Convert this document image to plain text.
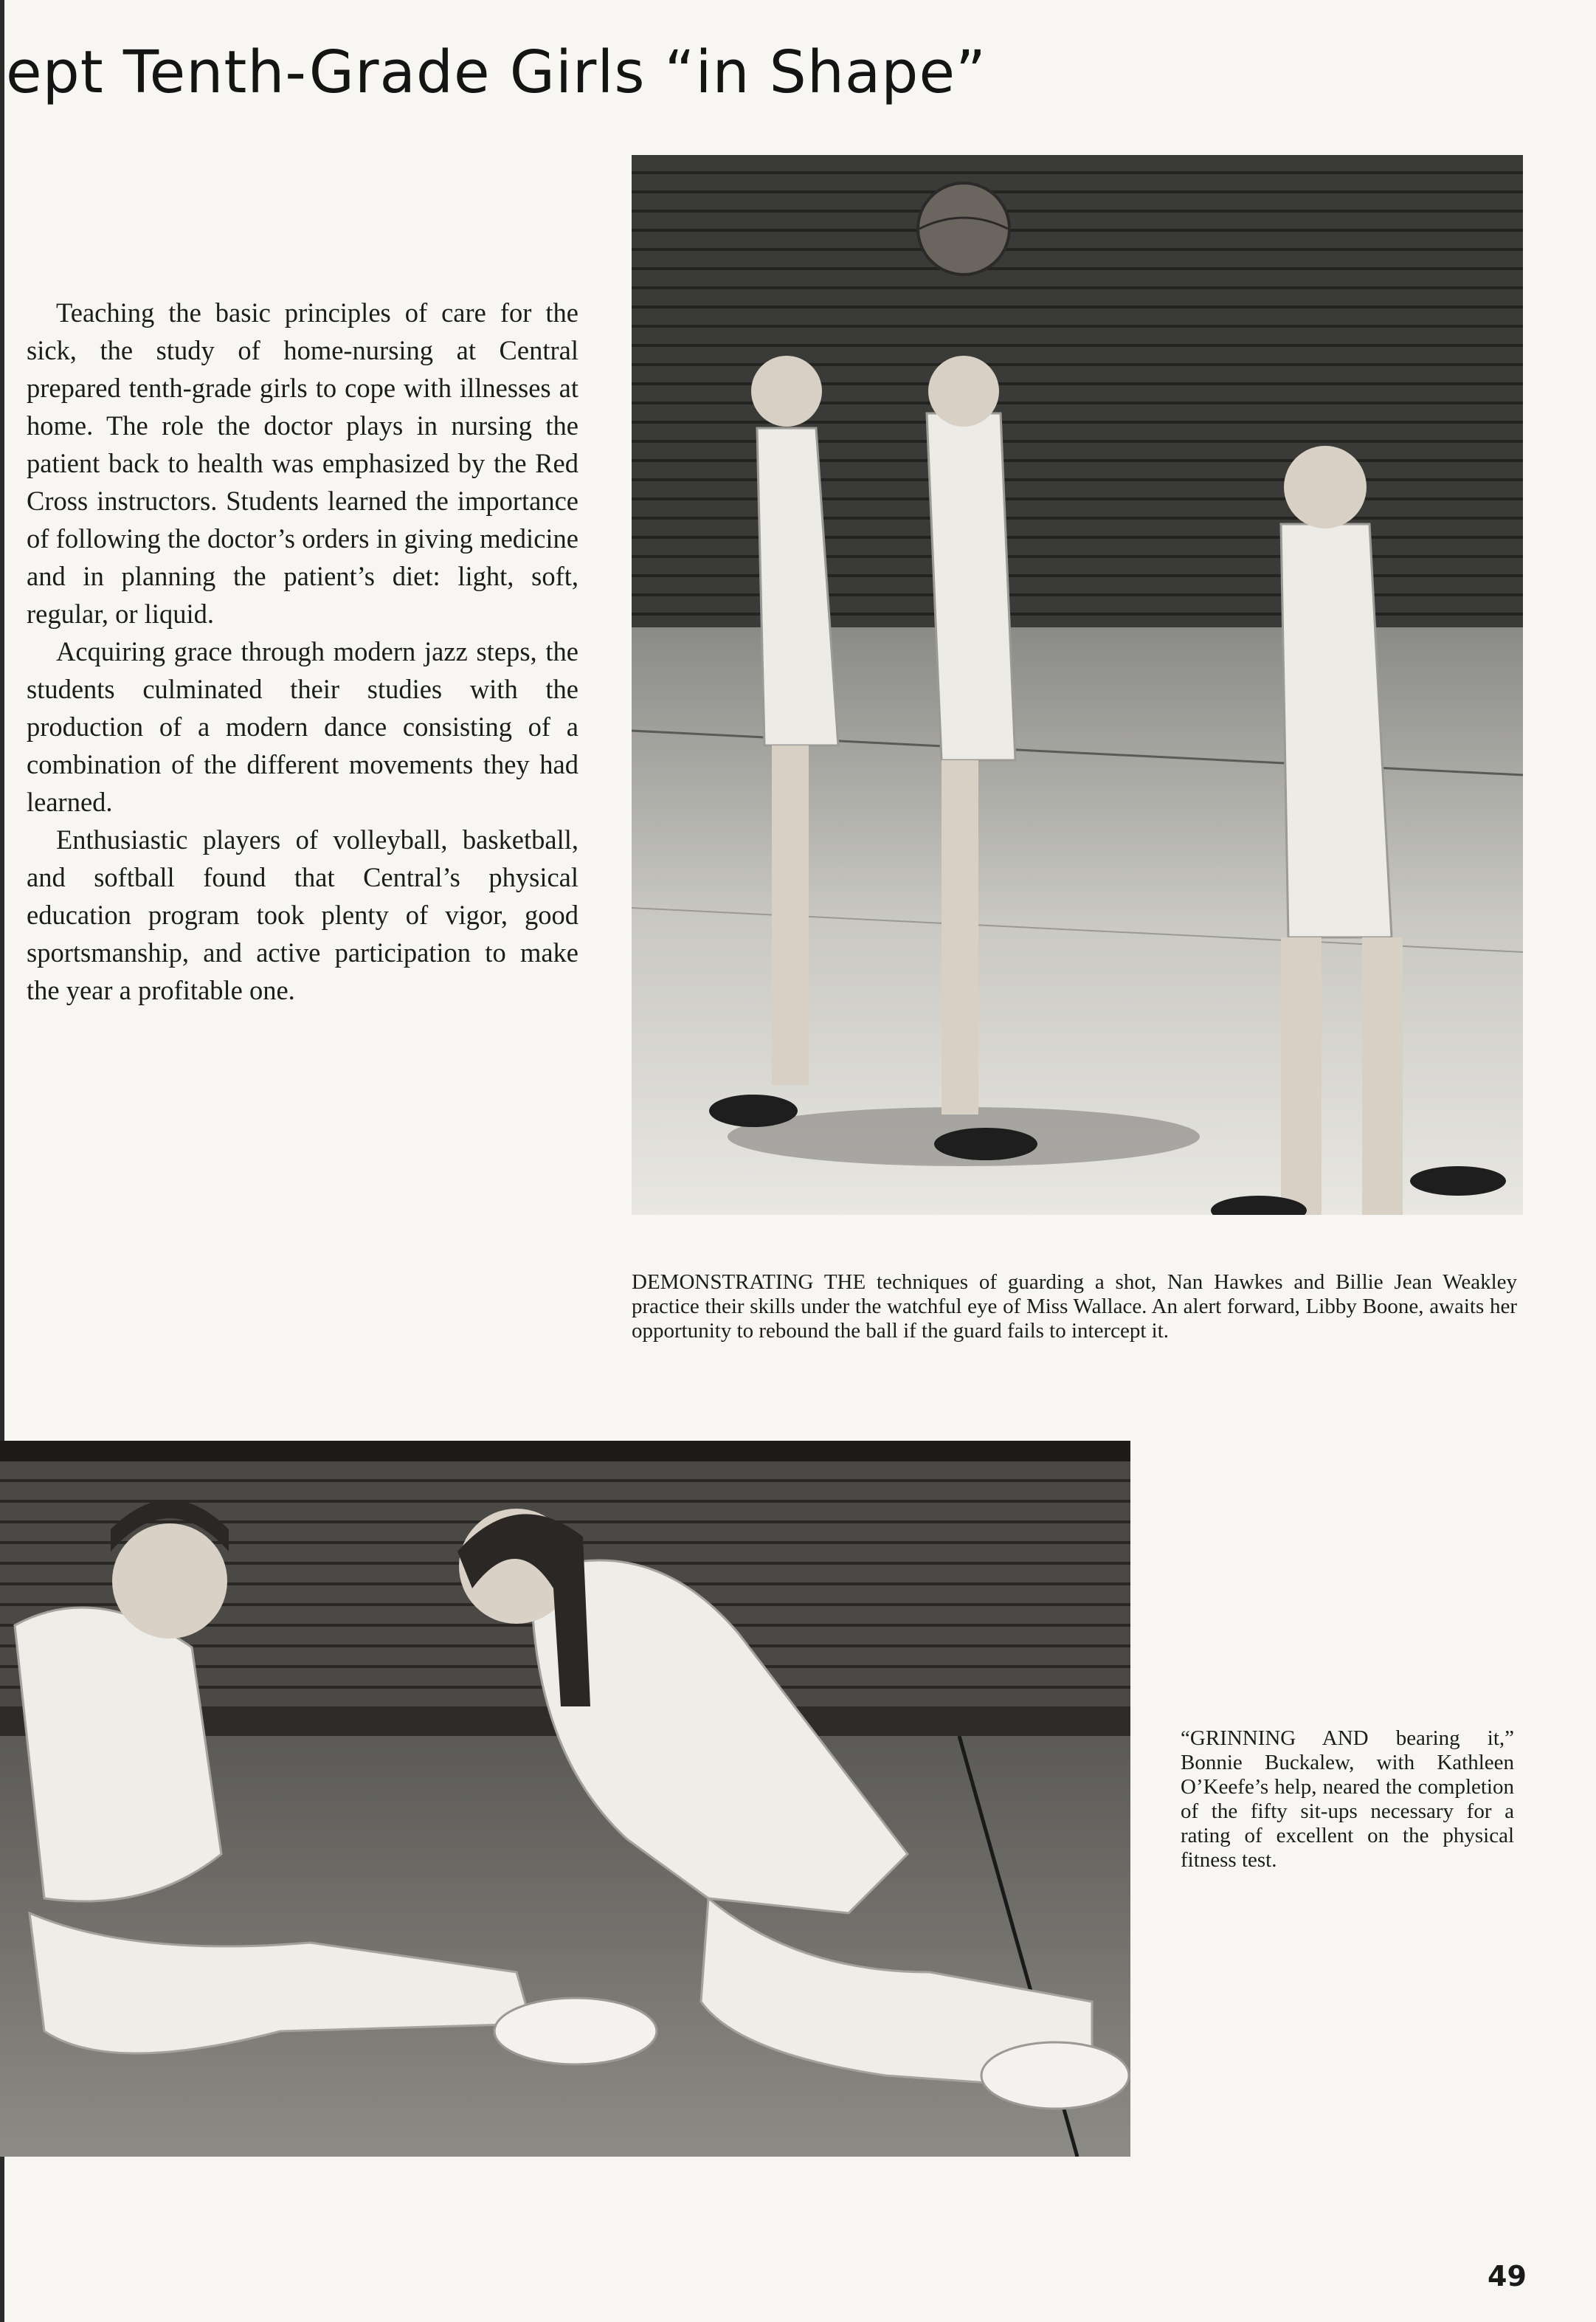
ept Tenth-Grade Girls “in Shape”

Teaching the basic principles of care for the sick, the study of home-nursing at Central prepared tenth-grade girls to cope with illnesses at home. The role the doctor plays in nursing the patient back to health was emphasized by the Red Cross instructors. Students learned the importance of following the doctor’s orders in giving medicine and in planning the patient’s diet: light, soft, regular, or liquid.

Acquiring grace through modern jazz steps, the students culminated their studies with the production of a modern dance consisting of a combination of the different movements they had learned.

Enthusiastic players of volleyball, basketball, and softball found that Central’s physical education program took plenty of vigor, good sportsmanship, and active participation to make the year a profitable one.

DEMONSTRATING THE techniques of guarding a shot, Nan Hawkes and Billie Jean Weakley practice their skills under the watchful eye of Miss Wallace. An alert forward, Libby Boone, awaits her opportunity to rebound the ball if the guard fails to intercept it.

“GRINNING AND bearing it,” Bonnie Buckalew, with Kathleen O’Keefe’s help, neared the completion of the fifty sit-ups necessary for a rating of excellent on the physical fitness test.

49
